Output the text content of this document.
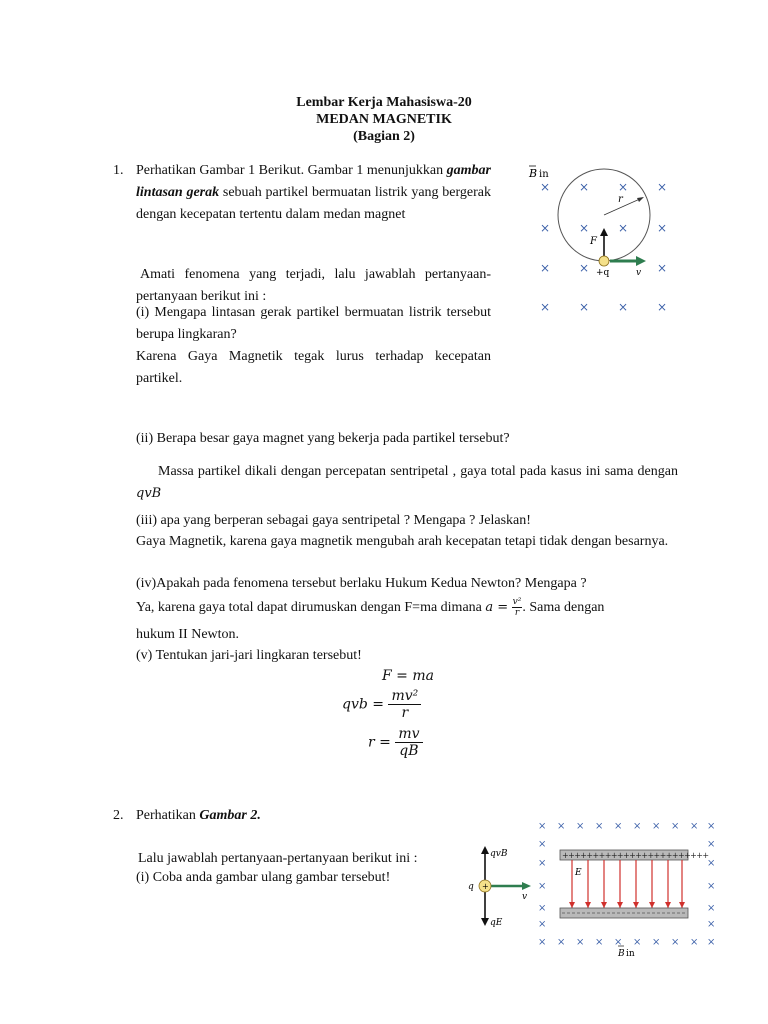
Lembar Kerja Mahasiswa-20
MEDAN MAGNETIK
(Bagian 2)
1. Perhatikan Gambar 1 Berikut. Gambar 1 menunjukkan gambar lintasan gerak sebuah partikel bermuatan listrik yang bergerak dengan kecepatan tertentu dalam medan magnet
B in
× × × ×
× × × ×
× ×	×
× × × ×
r
F
v
+q
Amati fenomena yang terjadi, lalu jawablah pertanyaan-pertanyaan berikut ini :
(i) Mengapa lintasan gerak partikel bermuatan listrik tersebut berupa lingkaran?
Karena Gaya Magnetik tegak lurus terhadap kecepatan partikel.
(ii) Berapa besar gaya magnet yang bekerja pada partikel tersebut?
Massa partikel dikali dengan percepatan sentripetal , gaya total pada kasus ini sama dengan qvB
(iii) apa yang berperan sebagai gaya sentripetal ? Mengapa ? Jelaskan!
Gaya Magnetik, karena gaya magnetik mengubah arah kecepatan tetapi tidak dengan besarnya.
(iv)Apakah pada fenomena tersebut berlaku Hukum Kedua Newton? Mengapa ?
Ya, karena gaya total dapat dirumuskan dengan F=ma dimana $a = \frac{\text{v²}}{r}$ . Sama dengan
hukum II Newton.
(v) Tentukan jari-jari lingkaran tersebut!
F = ma
qvb = $\frac{\text{mv²}}{r}$
$r = \frac{mv}{qB}$
2. Perhatikan Gambar 2.
Lalu jawablah pertanyaan-pertanyaan berikut ini :
(i) Coba anda gambar ulang gambar tersebut!
qvB
qE
v
+
q
× × × × × × × × × ×
×	×
×	×
×	×
×	×
×	×
× × × × × × × × × ×
++++++++++++++++++++++++
E
B in
